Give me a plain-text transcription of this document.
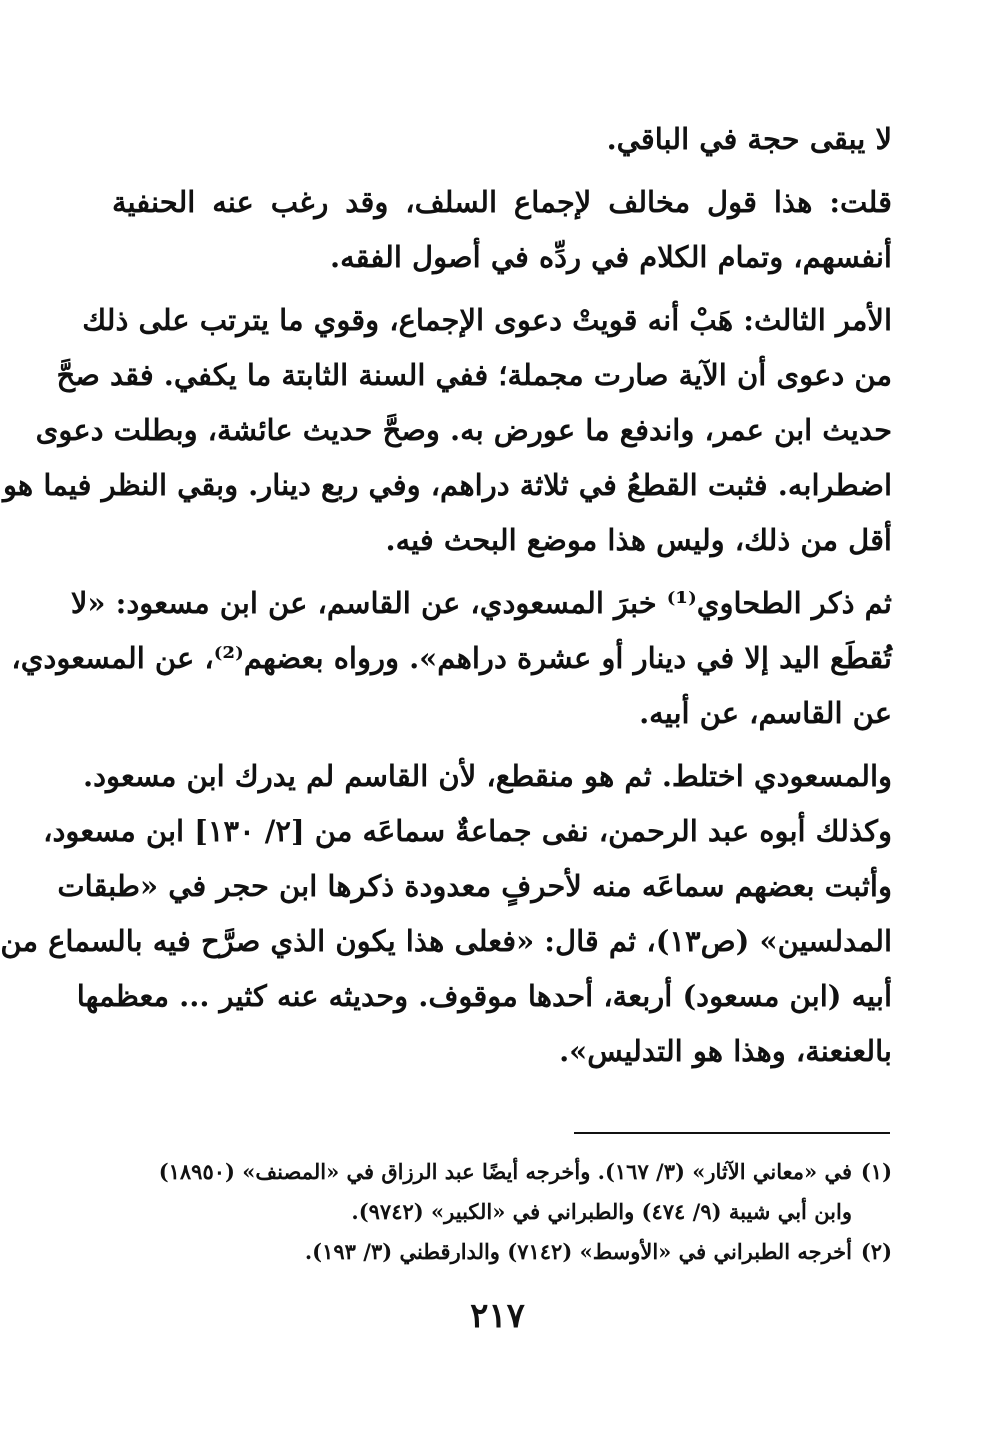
لا يبقى حجة في الباقي.
قلت: هذا قول مخالف لإجماع السلف، وقد رغب عنه الحنفية
أنفسهم، وتمام الكلام في ردِّه في أصول الفقه.
الأمر الثالث: هَبْ أنه قويتْ دعوى الإجماع، وقوي ما يترتب على ذلك
من دعوى أن الآية صارت مجملة؛ ففي السنة الثابتة ما يكفي. فقد صحَّ
حديث ابن عمر، واندفع ما عورض به. وصحَّ حديث عائشة، وبطلت دعوى
اضطرابه. فثبت القطعُ في ثلاثة دراهم، وفي ربع دينار. وبقي النظر فيما هو
أقل من ذلك، وليس هذا موضع البحث فيه.
ثم ذكر الطحاوي⁽¹⁾ خبرَ المسعودي، عن القاسم، عن ابن مسعود: «لا
تُقطَع اليد إلا في دينار أو عشرة دراهم». ورواه بعضهم⁽²⁾، عن المسعودي،
عن القاسم، عن أبيه.
والمسعودي اختلط. ثم هو منقطع، لأن القاسم لم يدرك ابن مسعود.
وكذلك أبوه عبد الرحمن، نفى جماعةٌ سماعَه من [٢/ ١٣٠] ابن مسعود،
وأثبت بعضهم سماعَه منه لأحرفٍ معدودة ذكرها ابن حجر في «طبقات
المدلسين» (ص١٣)، ثم قال: «فعلى هذا يكون الذي صرَّح فيه بالسماع من
أبيه (ابن مسعود) أربعة، أحدها موقوف. وحديثه عنه كثير ... معظمها
بالعنعنة، وهذا هو التدليس».
(١)في «معاني الآثار» (٣/ ١٦٧). وأخرجه أيضًا عبد الرزاق في «المصنف» (١٨٩٥٠)
وابن أبي شيبة (٩/ ٤٧٤) والطبراني في «الكبير» (٩٧٤٢).
(٢)أخرجه الطبراني في «الأوسط» (٧١٤٢) والدارقطني (٣/ ١٩٣).
٢١٧
